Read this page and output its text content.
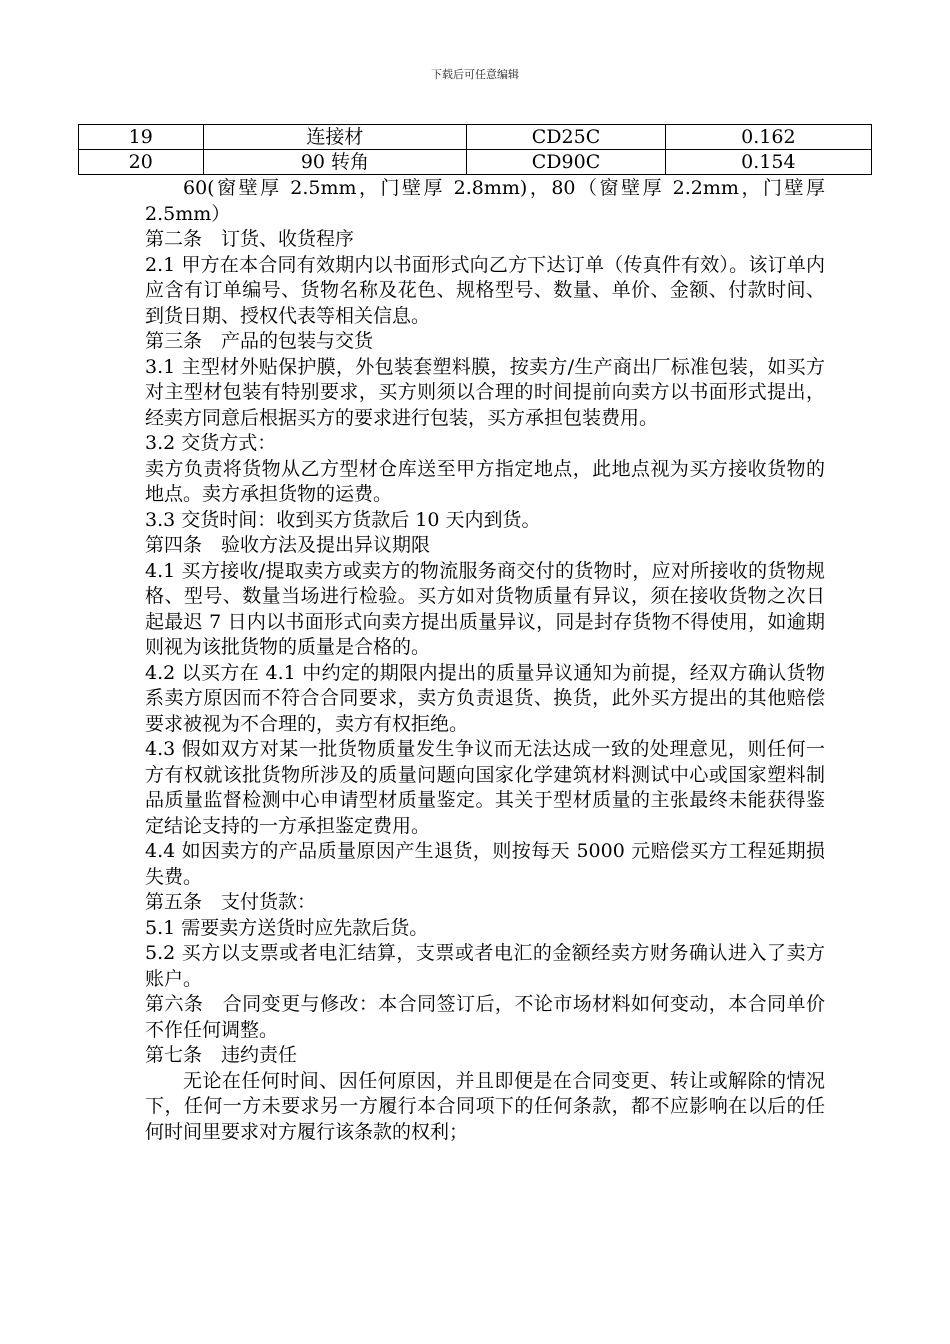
下载后可任意编辑
19	连接材	CD25C	0.162
20	90 转角	CD90C	0.154

60(窗壁厚 2.5mm，门壁厚 2.8mm)，80（窗壁厚 2.2mm，门壁厚 2.5mm）

第二条　订货、收货程序

2.1 甲方在本合同有效期内以书面形式向乙方下达订单（传真件有效）。该订单内应含有订单编号、货物名称及花色、规格型号、数量、单价、金额、付款时间、到货日期、授权代表等相关信息。

第三条　产品的包装与交货

3.1 主型材外贴保护膜，外包装套塑料膜，按卖方/生产商出厂标准包装，如买方对主型材包装有特别要求，买方则须以合理的时间提前向卖方以书面形式提出，经卖方同意后根据买方的要求进行包装，买方承担包装费用。

3.2 交货方式：

卖方负责将货物从乙方型材仓库送至甲方指定地点，此地点视为买方接收货物的地点。卖方承担货物的运费。

3.3 交货时间：收到买方货款后 10 天内到货。

第四条　验收方法及提出异议期限

4.1 买方接收/提取卖方或卖方的物流服务商交付的货物时，应对所接收的货物规格、型号、数量当场进行检验。买方如对货物质量有异议，须在接收货物之次日起最迟 7 日内以书面形式向卖方提出质量异议，同是封存货物不得使用，如逾期则视为该批货物的质量是合格的。

4.2 以买方在 4.1 中约定的期限内提出的质量异议通知为前提，经双方确认货物系卖方原因而不符合合同要求，卖方负责退货、换货，此外买方提出的其他赔偿要求被视为不合理的，卖方有权拒绝。

4.3 假如双方对某一批货物质量发生争议而无法达成一致的处理意见，则任何一方有权就该批货物所涉及的质量问题向国家化学建筑材料测试中心或国家塑料制品质量监督检测中心申请型材质量鉴定。其关于型材质量的主张最终未能获得鉴定结论支持的一方承担鉴定费用。

4.4 如因卖方的产品质量原因产生退货，则按每天 5000 元赔偿买方工程延期损失费。

第五条　支付货款：

5.1 需要卖方送货时应先款后货。

5.2 买方以支票或者电汇结算，支票或者电汇的金额经卖方财务确认进入了卖方账户。

第六条　合同变更与修改：本合同签订后，不论市场材料如何变动，本合同单价不作任何调整。

第七条　违约责任

无论在任何时间、因任何原因，并且即便是在合同变更、转让或解除的情况下，任何一方未要求另一方履行本合同项下的任何条款，都不应影响在以后的任何时间里要求对方履行该条款的权利；
